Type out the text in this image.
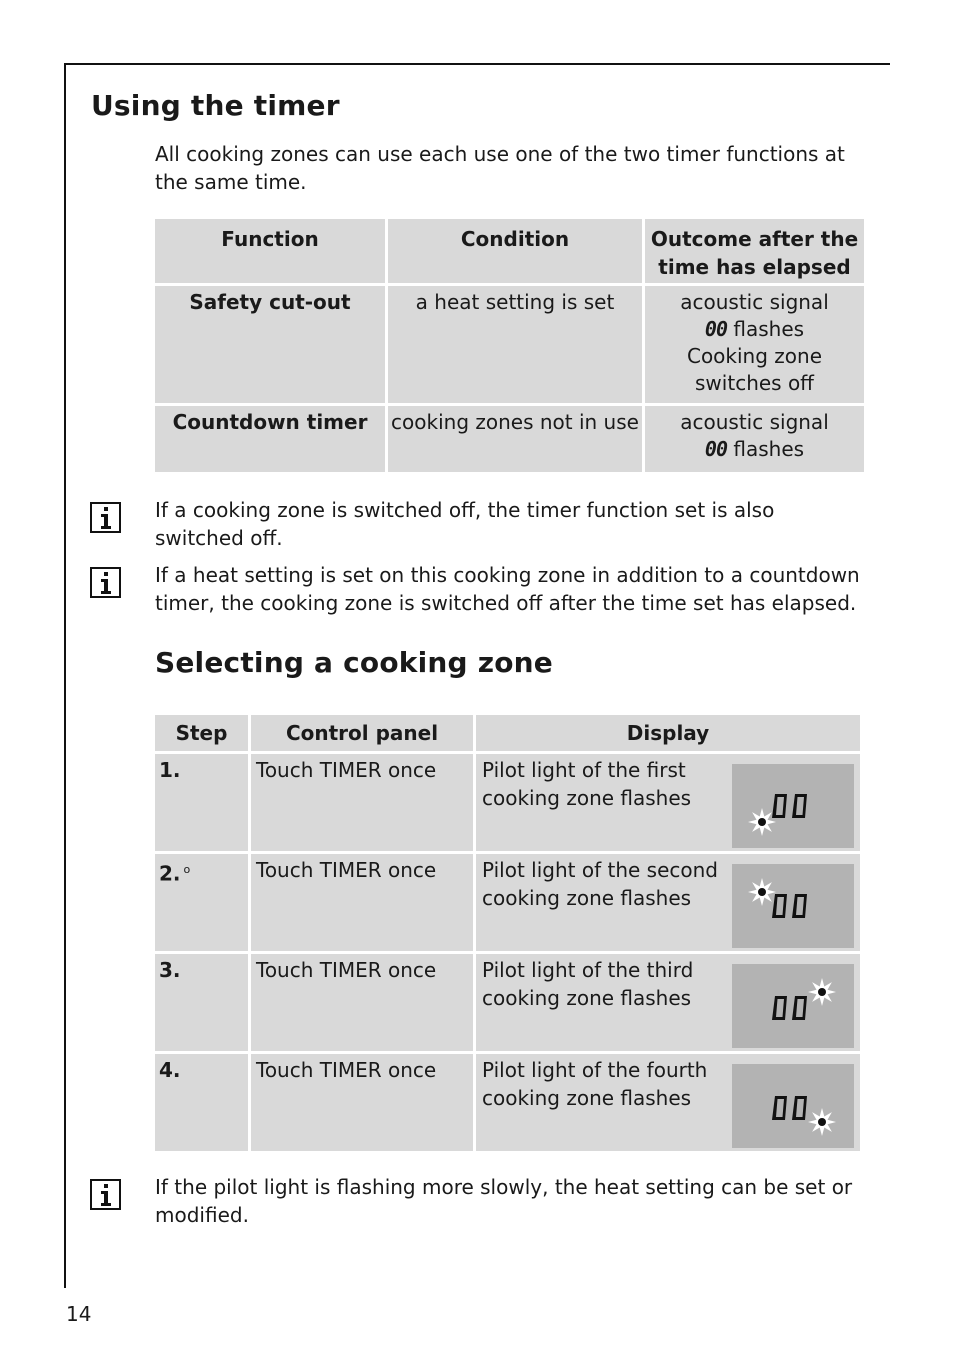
Using the timer
All cooking zones can use each use one of the two timer functions at the same time.
Function	Condition	Outcome after the time has elapsed
Safety cut-out	a heat setting is set	acoustic signal
00 flashes
Cooking zone
switches off

Countdown timer	cooking zones not in use	acoustic signal
00 flashes
If a cooking zone is switched off, the timer function set is also switched off.
If a heat setting is set on this cooking zone in addition to a countdown timer, the cooking zone is switched off after the time set has elapsed.
Selecting a cooking zone
Step	Control panel	Display
1.	Touch TIMER once	Pilot light of the first cooking zone flashes

2. $^o$	Touch TIMER once	Pilot light of the second cooking zone flashes

3.	Touch TIMER once	Pilot light of the third cooking zone flashes

4.	Touch TIMER once	Pilot light of the fourth cooking zone flashes
If the pilot light is flashing more slowly, the heat setting can be set or modified.
14
